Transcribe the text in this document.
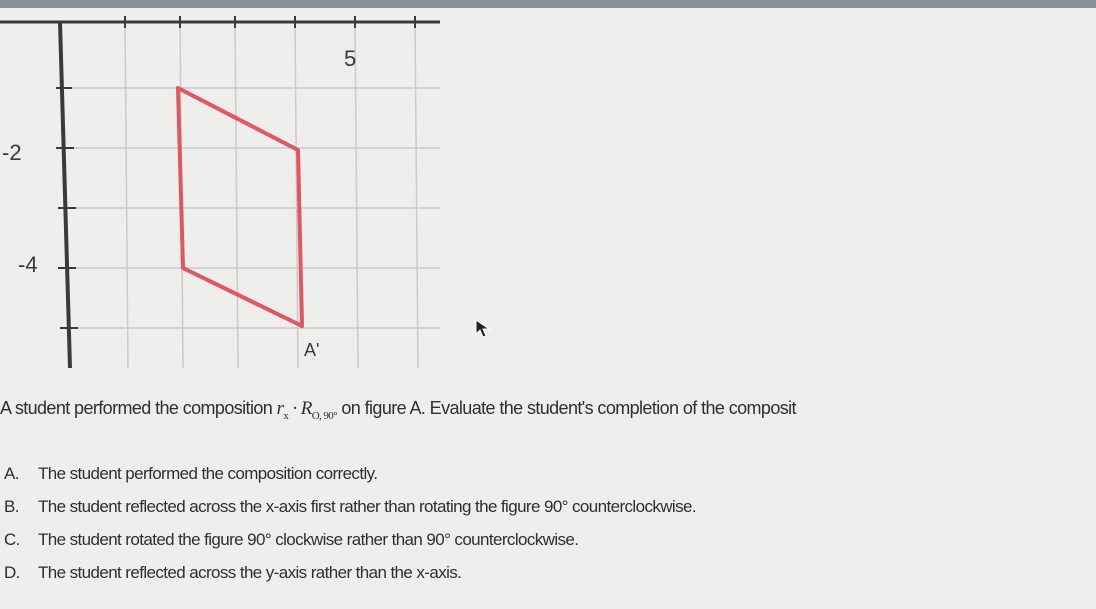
-2
-4
5
A'
A student performed the composition $r_x \cdot R_{O, 90^\circ}$ on figure A. Evaluate the student's completion of the composit
A. The student performed the composition correctly.
B. The student reflected across the x-axis first rather than rotating the figure 90° counterclockwise.
C. The student rotated the figure 90° clockwise rather than 90° counterclockwise.
D. The student reflected across the y-axis rather than the x-axis.
